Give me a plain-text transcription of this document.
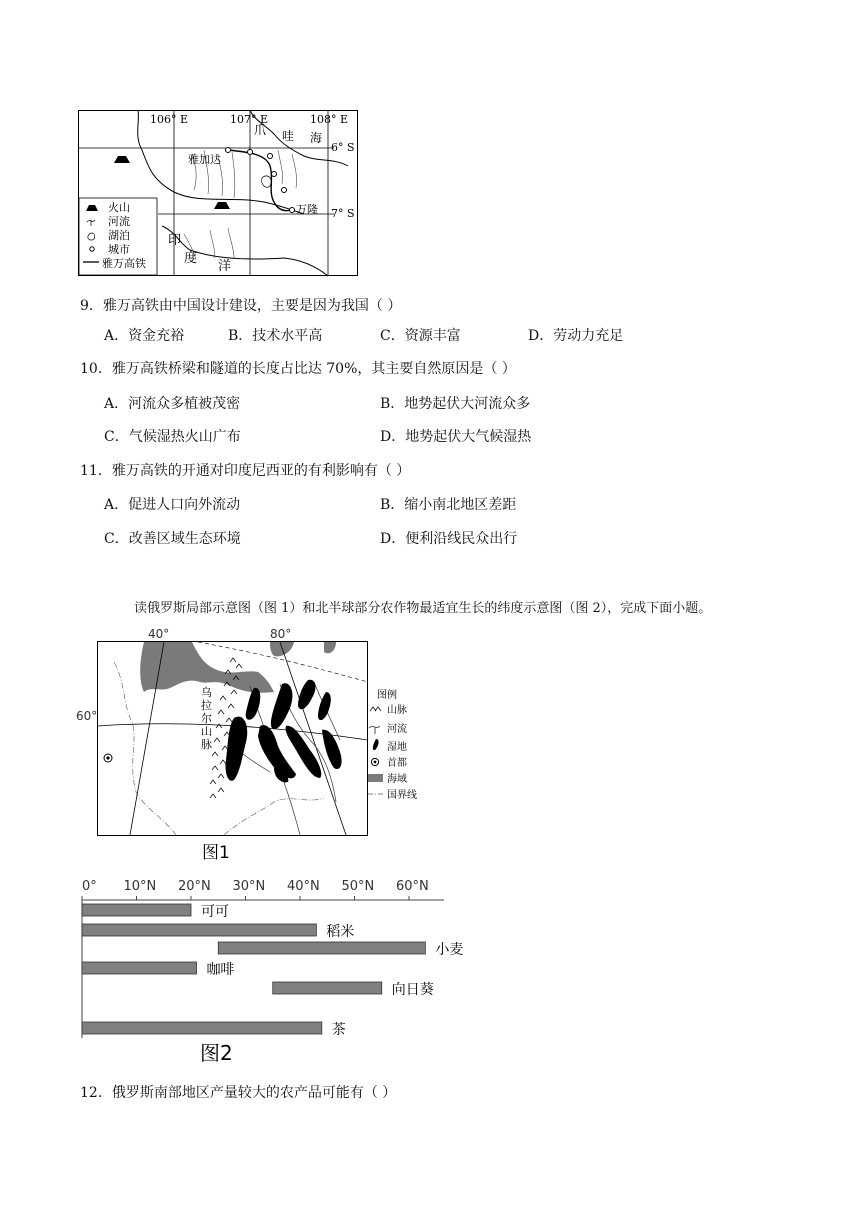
106° E	107° E	108° E
6° S
7° S
爪 哇 海
雅加达
万隆
印
度
洋
火山
河流
湖泊
城市
雅万高铁
9．雅万高铁由中国设计建设，主要是因为我国（ ）
A．资金充裕	B．技术水平高	C．资源丰富	D．劳动力充足
10．雅万高铁桥梁和隧道的长度占比达 70%，其主要自然原因是（ ）
A．河流众多植被茂密	B．地势起伏大河流众多
C．气候湿热火山广布	D．地势起伏大气候湿热
11．雅万高铁的开通对印度尼西亚的有利影响有（ ）
A．促进人口向外流动	B．缩小南北地区差距
C．改善区域生态环境	D．便利沿线民众出行
读俄罗斯局部示意图（图 1）和北半球部分农作物最适宜生长的纬度示意图（图 2），完成下面小题。
40°	80°
60°
乌
拉
尔
山
脉
图例
山脉
河流
湿地
首都
海域
国界线
图1
0° 10°N 20°N 30°N 40°N 50°N 60°N
可可
稻米
小麦
咖啡
向日葵
茶
图2
12．俄罗斯南部地区产量较大的农产品可能有（ ）
